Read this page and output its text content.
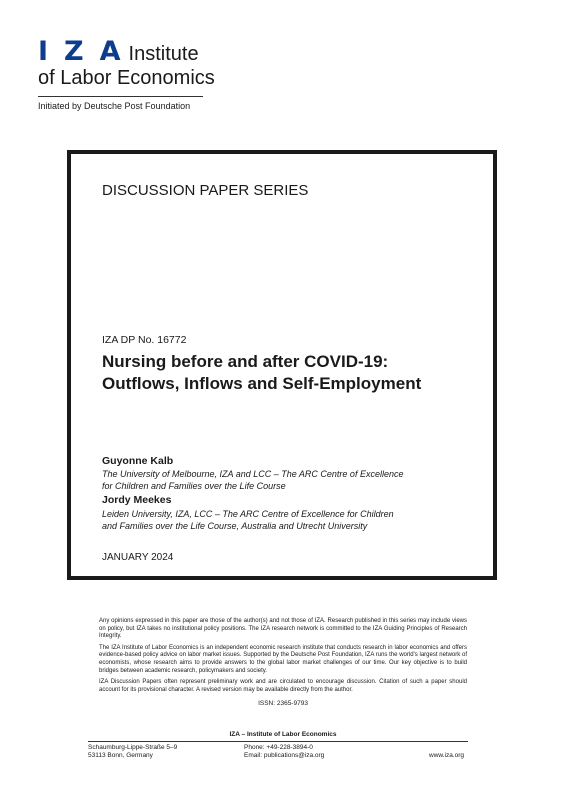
IZA
Institute
of Labor Economics
Initiated by Deutsche Post Foundation
DISCUSSION PAPER SERIES
IZA DP No. 16772
Nursing before and after COVID-19:
Outflows, Inflows and Self-Employment
Guyonne Kalb
The University of Melbourne, IZA and LCC – The ARC Centre of Excellence
for Children and Families over the Life Course
Jordy Meekes
Leiden University, IZA, LCC – The ARC Centre of Excellence for Children
and Families over the Life Course, Australia and Utrecht University
JANUARY 2024

Any opinions expressed in this paper are those of the author(s) and not those of IZA. Research published in this series may include views on policy, but IZA takes no institutional policy positions. The IZA research network is committed to the IZA Guiding Principles of Research Integrity.

The IZA Institute of Labor Economics is an independent economic research institute that conducts research in labor economics and offers evidence-based policy advice on labor market issues. Supported by the Deutsche Post Foundation, IZA runs the world’s largest network of economists, whose research aims to provide answers to the global labor market challenges of our time. Our key objective is to build bridges between academic research, policymakers and society.

IZA Discussion Papers often represent preliminary work and are circulated to encourage discussion. Citation of such a paper should account for its provisional character. A revised version may be available directly from the author.

ISSN: 2365-9793
IZA – Institute of Labor Economics
Schaumburg-Lippe-Straße 5–9
53113 Bonn, Germany
Phone: +49-228-3894-0
Email: publications@iza.org	www.iza.org
